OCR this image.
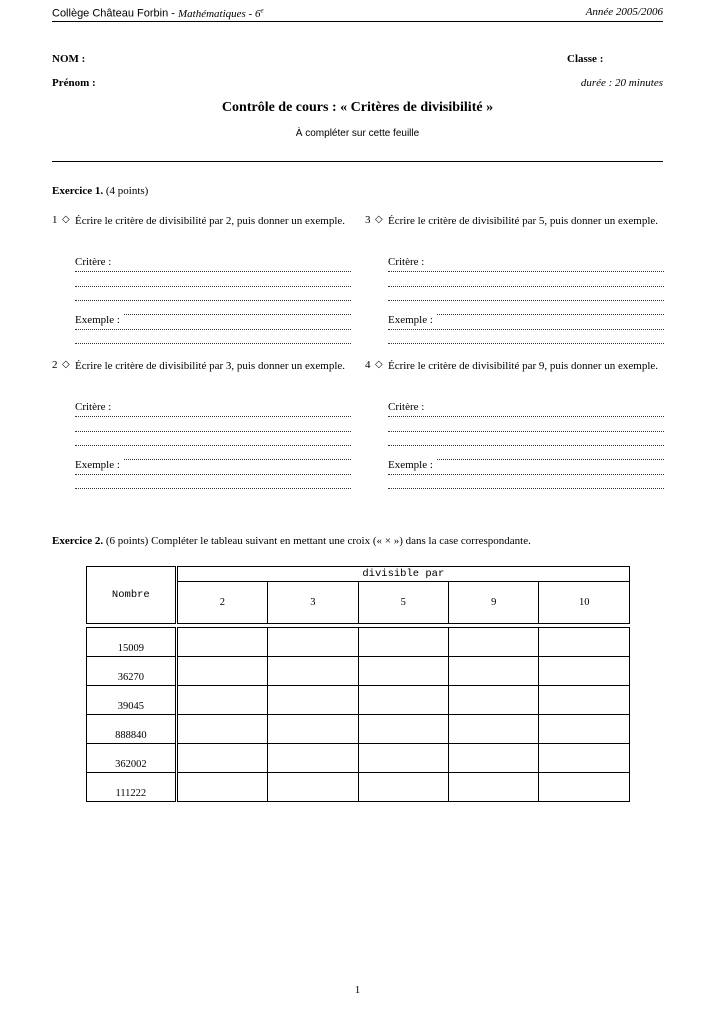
Collège Château Forbin - Mathématiques - 6e	Année 2005/2006
NOM :
Prénom :
Classe :
durée : 20 minutes
Contrôle de cours : « Critères de divisibilité »
À compléter sur cette feuille
Exercice 1. (4 points)
1 ◇ Écrire le critère de divisibilité par 2, puis donner un exemple.
Critère :
Exemple :
3 ◇ Écrire le critère de divisibilité par 5, puis donner un exemple.
Critère :
Exemple :
2 ◇ Écrire le critère de divisibilité par 3, puis donner un exemple.
Critère :
Exemple :
4 ◇ Écrire le critère de divisibilité par 9, puis donner un exemple.
Critère :
Exemple :
Exercice 2. (6 points) Compléter le tableau suivant en mettant une croix (« × ») dans la case correspondante.
Nombre	divisible par				
	2	3	5	9	10
15009					
36270					
39045					
888840					
362002					
111222					
1
